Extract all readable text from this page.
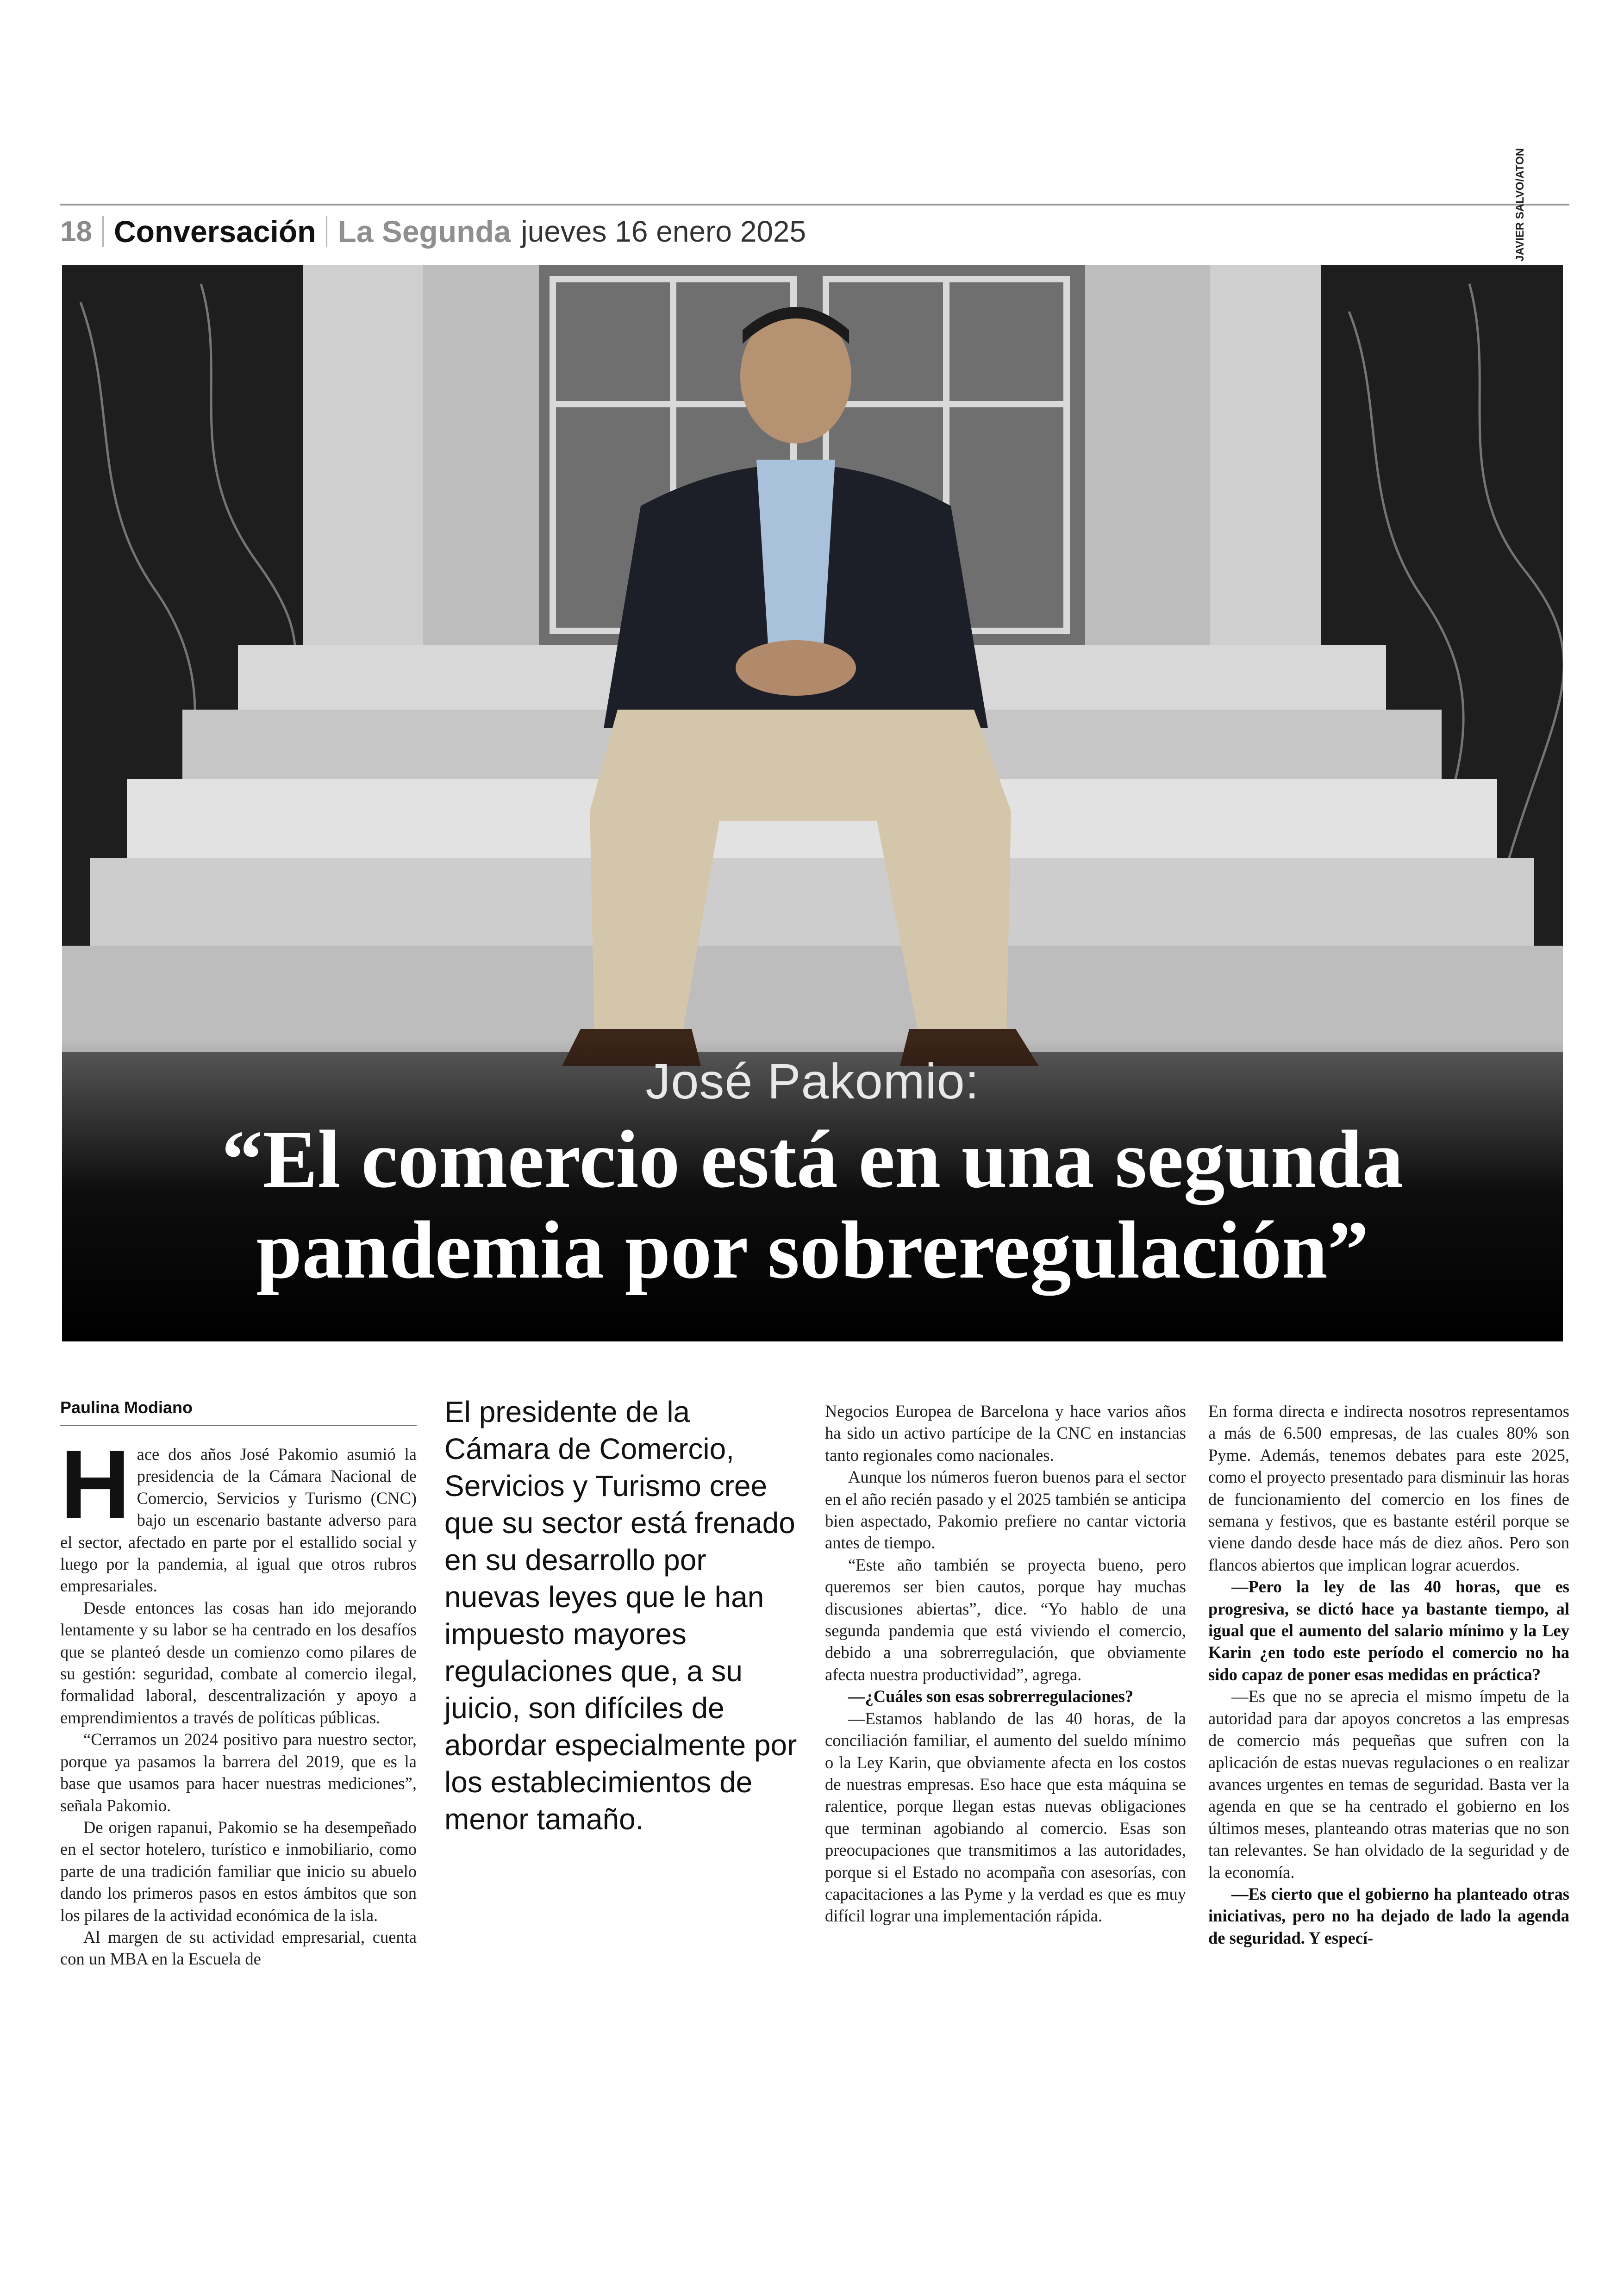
18 Conversación La Segunda jueves 16 enero 2025
José Pakomio:
“El comercio está en una segunda pandemia por sobreregulación”
JAVIER SALVO/ATON
Paulina Modiano
H ace dos años José Pakomio asumió la presidencia de la Cámara Nacional de Comercio, Servicios y Turismo (CNC) bajo un escenario bastante adverso para el sector, afectado en parte por el estallido social y luego por la pandemia, al igual que otros rubros empresariales.

Desde entonces las cosas han ido mejorando lentamente y su labor se ha centrado en los desafíos que se planteó desde un comienzo como pilares de su gestión: seguridad, combate al comercio ilegal, formalidad laboral, descentralización y apoyo a emprendimientos a través de políticas públicas.

“Cerramos un 2024 positivo para nuestro sector, porque ya pasamos la barrera del 2019, que es la base que usamos para hacer nuestras mediciones”, señala Pakomio.

De origen rapanui, Pakomio se ha desempeñado en el sector hotelero, turístico e inmobiliario, como parte de una tradición familiar que inicio su abuelo dando los primeros pasos en estos ámbitos que son los pilares de la actividad económica de la isla.

Al margen de su actividad empresarial, cuenta con un MBA en la Escuela de

El presidente de la Cámara de Comercio, Servicios y Turismo cree que su sector está frenado en su desarrollo por nuevas leyes que le han impuesto mayores regulaciones que, a su juicio, son difíciles de abordar especialmente por los establecimientos de menor tamaño.

Negocios Europea de Barcelona y hace varios años ha sido un activo partícipe de la CNC en instancias tanto regionales como nacionales.

Aunque los números fueron buenos para el sector en el año recién pasado y el 2025 también se anticipa bien aspectado, Pakomio prefiere no cantar victoria antes de tiempo.

“Este año también se proyecta bueno, pero queremos ser bien cautos, porque hay muchas discusiones abiertas”, dice. “Yo hablo de una segunda pandemia que está viviendo el comercio, debido a una sobrerregulación, que obviamente afecta nuestra productividad”, agrega.

—¿Cuáles son esas sobrerregulaciones?

—Estamos hablando de las 40 horas, de la conciliación familiar, el aumento del sueldo mínimo o la Ley Karin, que obviamente afecta en los costos de nuestras empresas. Eso hace que esta máquina se ralentice, porque llegan estas nuevas obligaciones que terminan agobiando al comercio. Esas son preocupaciones que transmitimos a las autoridades, porque si el Estado no acompaña con asesorías, con capacitaciones a las Pyme y la verdad es que es muy difícil lograr una implementación rápida.

En forma directa e indirecta nosotros representamos a más de 6.500 empresas, de las cuales 80% son Pyme. Además, tenemos debates para este 2025, como el proyecto presentado para disminuir las horas de funcionamiento del comercio en los fines de semana y festivos, que es bastante estéril porque se viene dando desde hace más de diez años. Pero son flancos abiertos que implican lograr acuerdos.

—Pero la ley de las 40 horas, que es progresiva, se dictó hace ya bastante tiempo, al igual que el aumento del salario mínimo y la Ley Karin ¿en todo este período el comercio no ha sido capaz de poner esas medidas en práctica?

—Es que no se aprecia el mismo ímpetu de la autoridad para dar apoyos concretos a las empresas de comercio más pequeñas que sufren con la aplicación de estas nuevas regulaciones o en realizar avances urgentes en temas de seguridad. Basta ver la agenda en que se ha centrado el gobierno en los últimos meses, planteando otras materias que no son tan relevantes. Se han olvidado de la seguridad y de la economía.

—Es cierto que el gobierno ha planteado otras iniciativas, pero no ha dejado de lado la agenda de seguridad. Y especí-
